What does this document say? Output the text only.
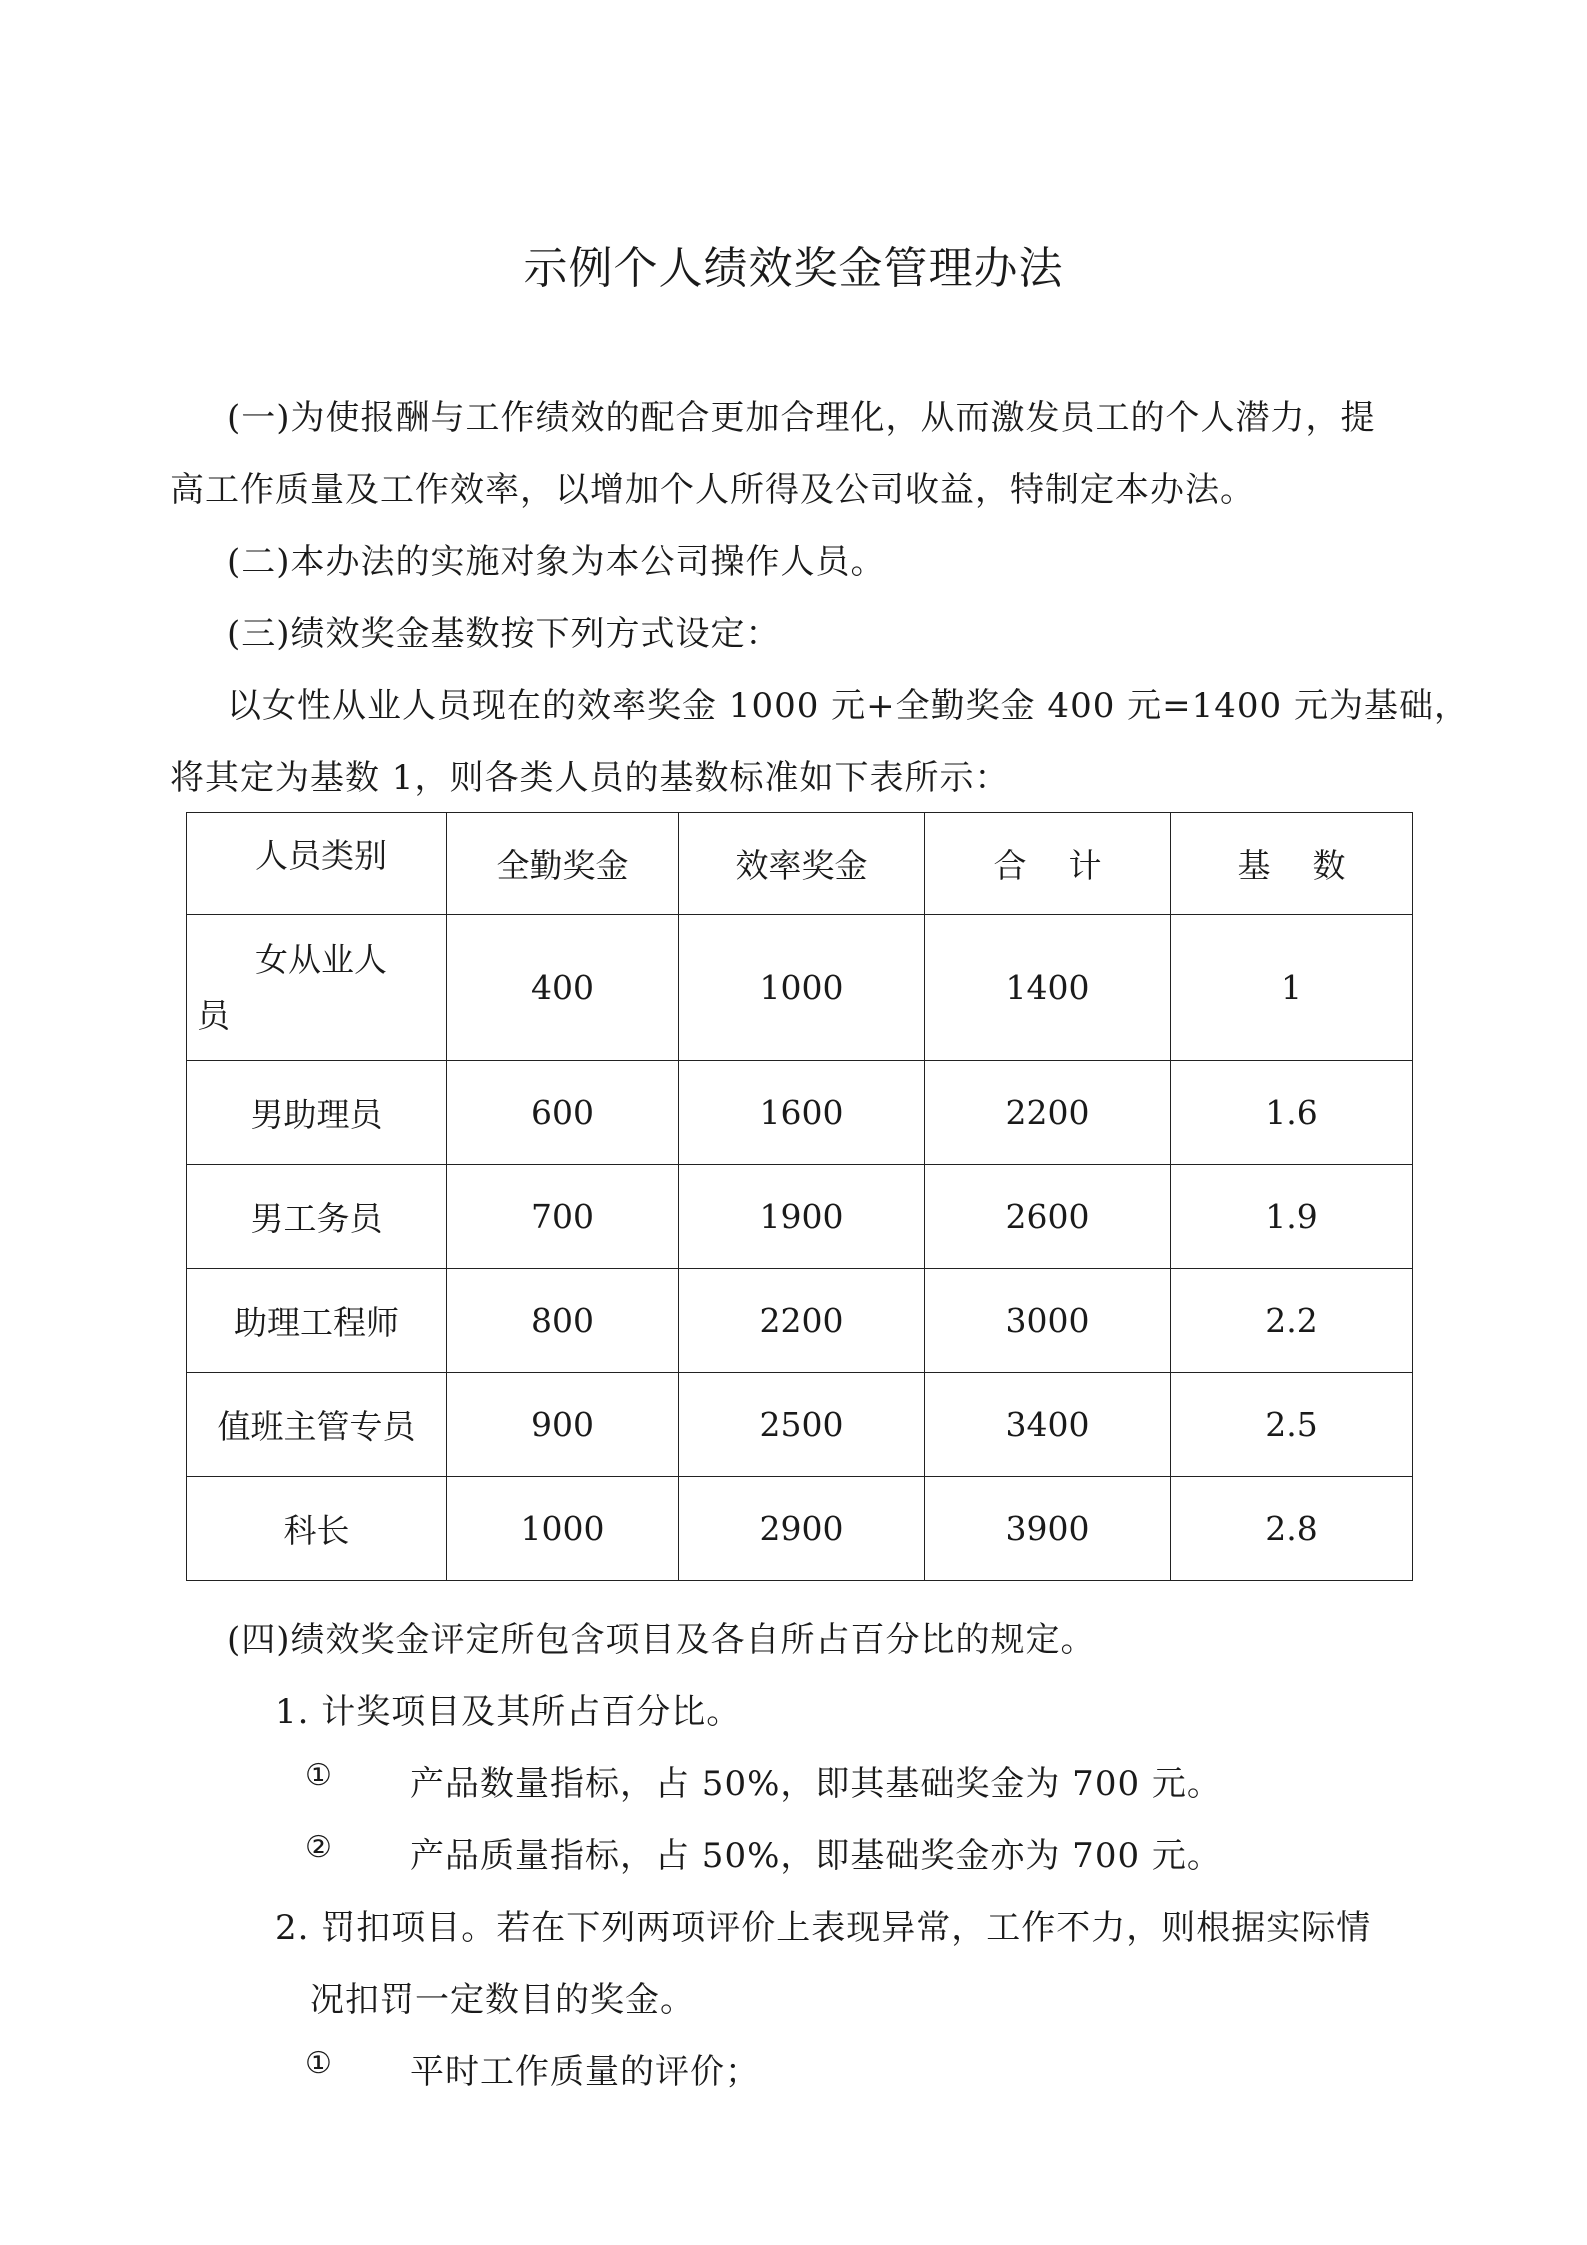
示例个人绩效奖金管理办法
(一)为使报酬与工作绩效的配合更加合理化，从而激发员工的个人潜力，提
高工作质量及工作效率，以增加个人所得及公司收益，特制定本办法。
(二)本办法的实施对象为本公司操作人员。
(三)绩效奖金基数按下列方式设定：
以女性从业人员现在的效率奖金 1000 元+全勤奖金 400 元=1400 元为基础，
将其定为基数 1，则各类人员的基数标准如下表所示：
人员类别	全勤奖金	效率奖金	合    计	基    数

女从业人员	400	1000	1400	1
男助理员	600	1600	2200	1.6
男工务员	700	1900	2600	1.9
助理工程师	800	2200	3000	2.2
值班主管专员	900	2500	3400	2.5
科长	1000	2900	3900	2.8
(四)绩效奖金评定所包含项目及各自所占百分比的规定。
1. 计奖项目及其所占百分比。
① 产品数量指标，占 50%，即其基础奖金为 700 元。
② 产品质量指标，占 50%，即基础奖金亦为 700 元。
2. 罚扣项目。若在下列两项评价上表现异常，工作不力，则根据实际情
况扣罚一定数目的奖金。
① 平时工作质量的评价；
